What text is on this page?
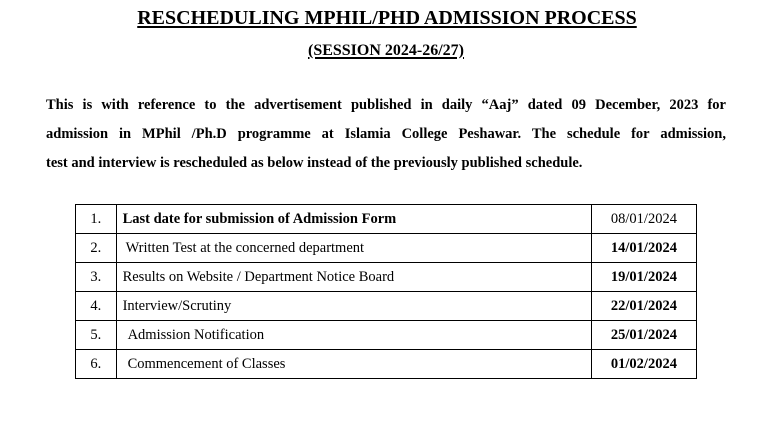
RESCHEDULING MPHIL/PHD ADMISSION PROCESS
(SESSION 2024-26/27)

This is with reference to the advertisement published in daily “Aaj” dated 09 December, 2023 for
admission in MPhil /Ph.D programme at Islamia College Peshawar. The schedule for admission,
test and interview is rescheduled as below instead of the previously published schedule.

1.	Last date for submission of Admission Form	08/01/2024
2.	Written Test at the concerned department	14/01/2024
3.	Results on Website / Department Notice Board	19/01/2024
4.	Interview/Scrutiny	22/01/2024
5.	Admission Notification	25/01/2024
6.	Commencement of Classes	01/02/2024
